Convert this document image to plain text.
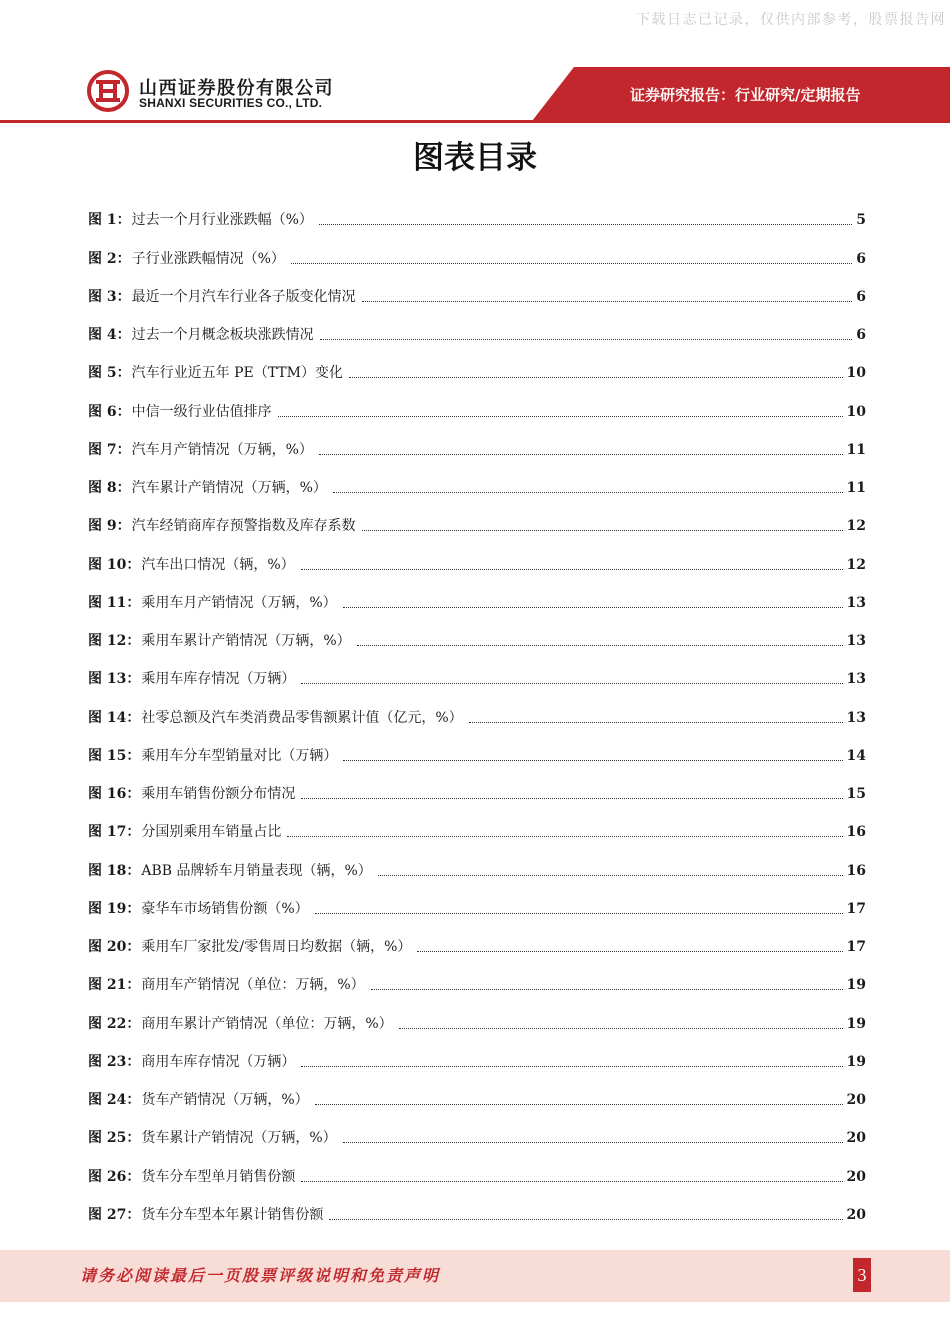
下载日志已记录，仅供内部参考，股票报告网
山西证券股份有限公司
SHANXI SECURITIES CO., LTD.	证券研究报告：行业研究/定期报告
图表目录
图 1： 过去一个月行业涨跌幅（%）	5
图 2： 子行业涨跌幅情况（%）	6
图 3： 最近一个月汽车行业各子版变化情况	6
图 4： 过去一个月概念板块涨跌情况	6
图 5： 汽车行业近五年 PE（TTM）变化	10
图 6： 中信一级行业估值排序	10
图 7： 汽车月产销情况（万辆，%）	11
图 8： 汽车累计产销情况（万辆，%）	11
图 9： 汽车经销商库存预警指数及库存系数	12
图 10： 汽车出口情况（辆，%）	12
图 11： 乘用车月产销情况（万辆，%）	13
图 12： 乘用车累计产销情况（万辆，%）	13
图 13： 乘用车库存情况（万辆）	13
图 14： 社零总额及汽车类消费品零售额累计值（亿元，%）	13
图 15： 乘用车分车型销量对比（万辆）	14
图 16： 乘用车销售份额分布情况	15
图 17： 分国别乘用车销量占比	16
图 18： ABB 品牌轿车月销量表现（辆，%）	16
图 19： 豪华车市场销售份额（%）	17
图 20： 乘用车厂家批发/零售周日均数据（辆，%）	17
图 21： 商用车产销情况（单位：万辆，%）	19
图 22： 商用车累计产销情况（单位：万辆，%）	19
图 23： 商用车库存情况（万辆）	19
图 24： 货车产销情况（万辆，%）	20
图 25： 货车累计产销情况（万辆，%）	20
图 26： 货车分车型单月销售份额	20
图 27： 货车分车型本年累计销售份额	20
请务必阅读最后一页股票评级说明和免责声明	3
